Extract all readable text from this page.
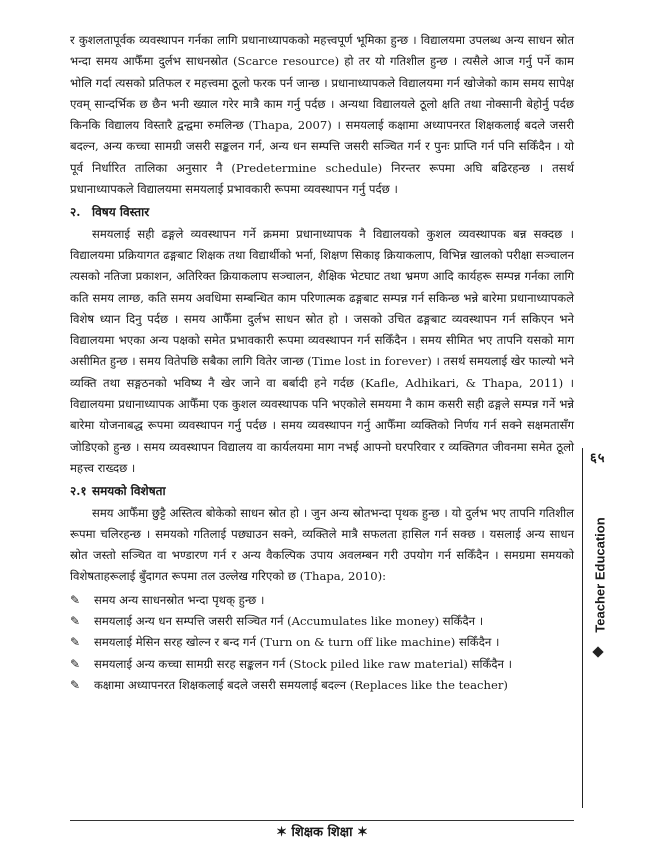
र कुशलतापूर्वक व्यवस्थापन गर्नका लागि प्रधानाध्यापकको महत्त्वपूर्ण भूमिका हुन्छ । विद्यालयमा उपलब्ध अन्य साधन स्रोत भन्दा समय आफैँमा दुर्लभ साधनस्रोत (Scarce resource) हो तर यो गतिशील हुन्छ । त्यसैले आज गर्नु पर्ने काम भोलि गर्दा त्यसको प्रतिफल र महत्त्वमा ठूलो फरक पर्न जान्छ । प्रधानाध्यापकले विद्यालयमा गर्न खोजेको काम समय सापेक्ष एवम् सान्दर्भिक छ छैन भनी ख्याल गरेर मात्रै काम गर्नु पर्दछ । अन्यथा विद्यालयले ठूलो क्षति तथा नोक्सानी बेहोर्नु पर्दछ किनकि विद्यालय विस्तारै द्वन्द्वमा रुमलिन्छ (Thapa, 2007) । समयलाई कक्षामा अध्यापनरत शिक्षकलाई बदले जसरी बदल्न, अन्य कच्चा सामग्री जसरी सङ्कलन गर्न, अन्य धन सम्पत्ति जसरी सञ्चित गर्न र पुनः प्राप्ति गर्न पनि सकिँदैन । यो पूर्व निर्धारित तालिका अनुसार नै (Predetermine schedule) निरन्तर रूपमा अघि बढिरहन्छ । तसर्थ प्रधानाध्यापकले विद्यालयमा समयलाई प्रभावकारी रूपमा व्यवस्थापन गर्नु पर्दछ ।

२. विषय विस्तार

समयलाई सही ढङ्गले व्यवस्थापन गर्ने क्रममा प्रधानाध्यापक नै विद्यालयको कुशल व्यवस्थापक बन्न सक्दछ । विद्यालयमा प्रक्रियागत ढङ्गबाट शिक्षक तथा विद्यार्थीको भर्ना, शिक्षण सिकाइ क्रियाकलाप, विभिन्न खालको परीक्षा सञ्चालन त्यसको नतिजा प्रकाशन, अतिरिक्त क्रियाकलाप सञ्चालन, शैक्षिक भेटघाट तथा भ्रमण आदि कार्यहरू सम्पन्न गर्नका लागि कति समय लाग्छ, कति समय अवधिमा सम्बन्धित काम परिणात्मक ढङ्गबाट सम्पन्न गर्न सकिन्छ भन्ने बारेमा प्रधानाध्यापकले विशेष ध्यान दिनु पर्दछ । समय आफैँमा दुर्लभ साधन स्रोत हो । जसको उचित ढङ्गबाट व्यवस्थापन गर्न सकिएन भने विद्यालयमा भएका अन्य पक्षको समेत प्रभावकारी रूपमा व्यवस्थापन गर्न सकिँदैन । समय सीमित भए तापनि यसको माग असीमित हुन्छ । समय वितेपछि सबैका लागि वितेर जान्छ (Time lost in forever) । तसर्थ समयलाई खेर फाल्यो भने व्यक्ति तथा सङ्गठनको भविष्य नै खेर जाने वा बर्बादी हने गर्दछ (Kafle, Adhikari, & Thapa, 2011) । विद्यालयमा प्रधानाध्यापक आफैँमा एक कुशल व्यवस्थापक पनि भएकोले समयमा नै काम कसरी सही ढङ्गले सम्पन्न गर्ने भन्ने बारेमा योजनाबद्ध रूपमा व्यवस्थापन गर्नु पर्दछ । समय व्यवस्थापन गर्नु आफैँमा व्यक्तिको निर्णय गर्न सक्ने सक्षमतासँग जोडिएको हुन्छ । समय व्यवस्थापन विद्यालय वा कार्यलयमा माग नभई आफ्नो घरपरिवार र व्यक्तिगत जीवनमा समेत ठूलो महत्त्व राख्दछ ।

२.१ समयको विशेषता

समय आफैँमा छुट्टै अस्तित्व बोकेको साधन स्रोत हो । जुन अन्य स्रोतभन्दा पृथक हुन्छ । यो दुर्लभ भए तापनि गतिशील रूपमा चलिरहन्छ । समयको गतिलाई पछ्याउन सक्ने, व्यक्तिले मात्रै सफलता हासिल गर्न सक्छ । यसलाई अन्य साधन स्रोत जस्तो सञ्चित वा भण्डारण गर्न र अन्य वैकल्पिक उपाय अवलम्बन गरी उपयोग गर्न सकिँदैन । समग्रमा समयको विशेषताहरूलाई बुँदागत रूपमा तल उल्लेख गरिएको छ (Thapa, 2010):

✎	समय अन्य साधनस्रोत भन्दा पृथक् हुन्छ ।
✎	समयलाई अन्य धन सम्पत्ति जसरी सञ्चित गर्न (Accumulates like money) सकिँदैन ।
✎	समयलाई मेसिन सरह खोल्न र बन्द गर्न (Turn on & turn off like machine) सकिँदैन ।
✎	समयलाई अन्य कच्चा सामग्री सरह सङ्कलन गर्न (Stock piled like raw material) सकिँदैन ।
✎	कक्षामा अध्यापनरत शिक्षकलाई बदले जसरी समयलाई बदल्न (Replaces like the teacher)
६५
Teacher Education
✶ शिक्षक शिक्षा ✶
